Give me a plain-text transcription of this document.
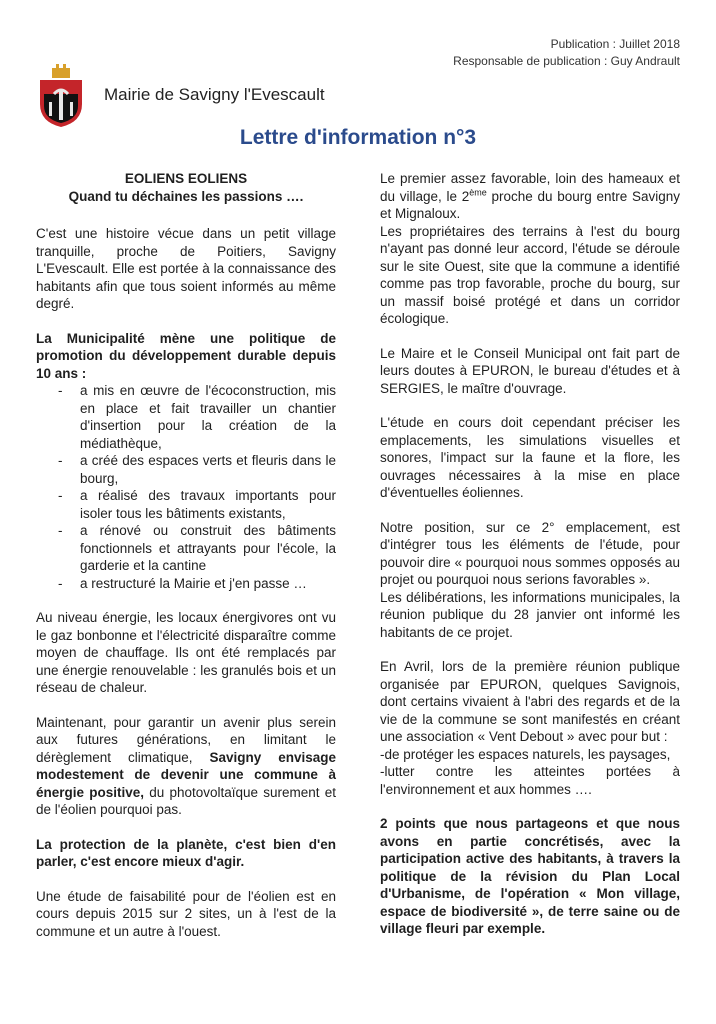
Publication : Juillet 2018
Responsable de publication : Guy Andrault
Mairie de Savigny l'Evescault
Lettre d'information n°3
EOLIENS EOLIENS
Quand tu déchaines les passions ….

C'est une histoire vécue dans un petit village tranquille, proche de Poitiers, Savigny L'Evescault. Elle est portée à la connaissance des habitants afin que tous soient informés au même degré.

La Municipalité mène une politique de promotion du développement durable depuis 10 ans :

- a mis en œuvre de l'écoconstruction, mis en place et fait travailler un chantier d'insertion pour la création de la médiathèque,
- a créé des espaces verts et fleuris dans le bourg,
- a réalisé des travaux importants pour isoler tous les bâtiments existants,
- a rénové ou construit des bâtiments fonctionnels et attrayants pour l'école, la garderie et la cantine
- a restructuré la Mairie et j'en passe …

Au niveau énergie, les locaux énergivores ont vu le gaz bonbonne et l'électricité disparaître comme moyen de chauffage. Ils ont été remplacés par une énergie renouvelable : les granulés bois et un réseau de chaleur.

Maintenant, pour garantir un avenir plus serein aux futures générations, en limitant le dérèglement climatique, Savigny envisage modestement de devenir une commune à énergie positive, du photovoltaïque surement et de l'éolien pourquoi pas.

La protection de la planète, c'est bien d'en parler, c'est encore mieux d'agir.

Une étude de faisabilité pour de l'éolien est en cours depuis 2015 sur 2 sites, un à l'est de la commune et un autre à l'ouest.

Le premier assez favorable, loin des hameaux et du village, le 2ème proche du bourg entre Savigny et Mignaloux.

Les propriétaires des terrains à l'est du bourg n'ayant pas donné leur accord, l'étude se déroule sur le site Ouest, site que la commune a identifié comme pas trop favorable, proche du bourg, sur un massif boisé protégé et dans un corridor écologique.

Le Maire et le Conseil Municipal ont fait part de leurs doutes à EPURON, le bureau d'études et à SERGIES, le maître d'ouvrage.

L'étude en cours doit cependant préciser les emplacements, les simulations visuelles et sonores, l'impact sur la faune et la flore, les ouvrages nécessaires à la mise en place d'éventuelles éoliennes.

Notre position, sur ce 2° emplacement, est d'intégrer tous les éléments de l'étude, pour pouvoir dire « pourquoi nous sommes opposés au projet ou pourquoi nous serions favorables ».

Les délibérations, les informations municipales, la réunion publique du 28 janvier ont informé les habitants de ce projet.

En Avril, lors de la première réunion publique organisée par EPURON, quelques Savignois, dont certains vivaient à l'abri des regards et de la vie de la commune se sont manifestés en créant une association « Vent Debout » avec pour but :

-de protéger les espaces naturels, les paysages,

-lutter contre les atteintes portées à l'environnement et aux hommes ….

2 points que nous partageons et que nous avons en partie concrétisés, avec la participation active des habitants, à travers la politique de la révision du Plan Local d'Urbanisme, de l'opération « Mon village, espace de biodiversité », de terre saine ou de village fleuri par exemple.
